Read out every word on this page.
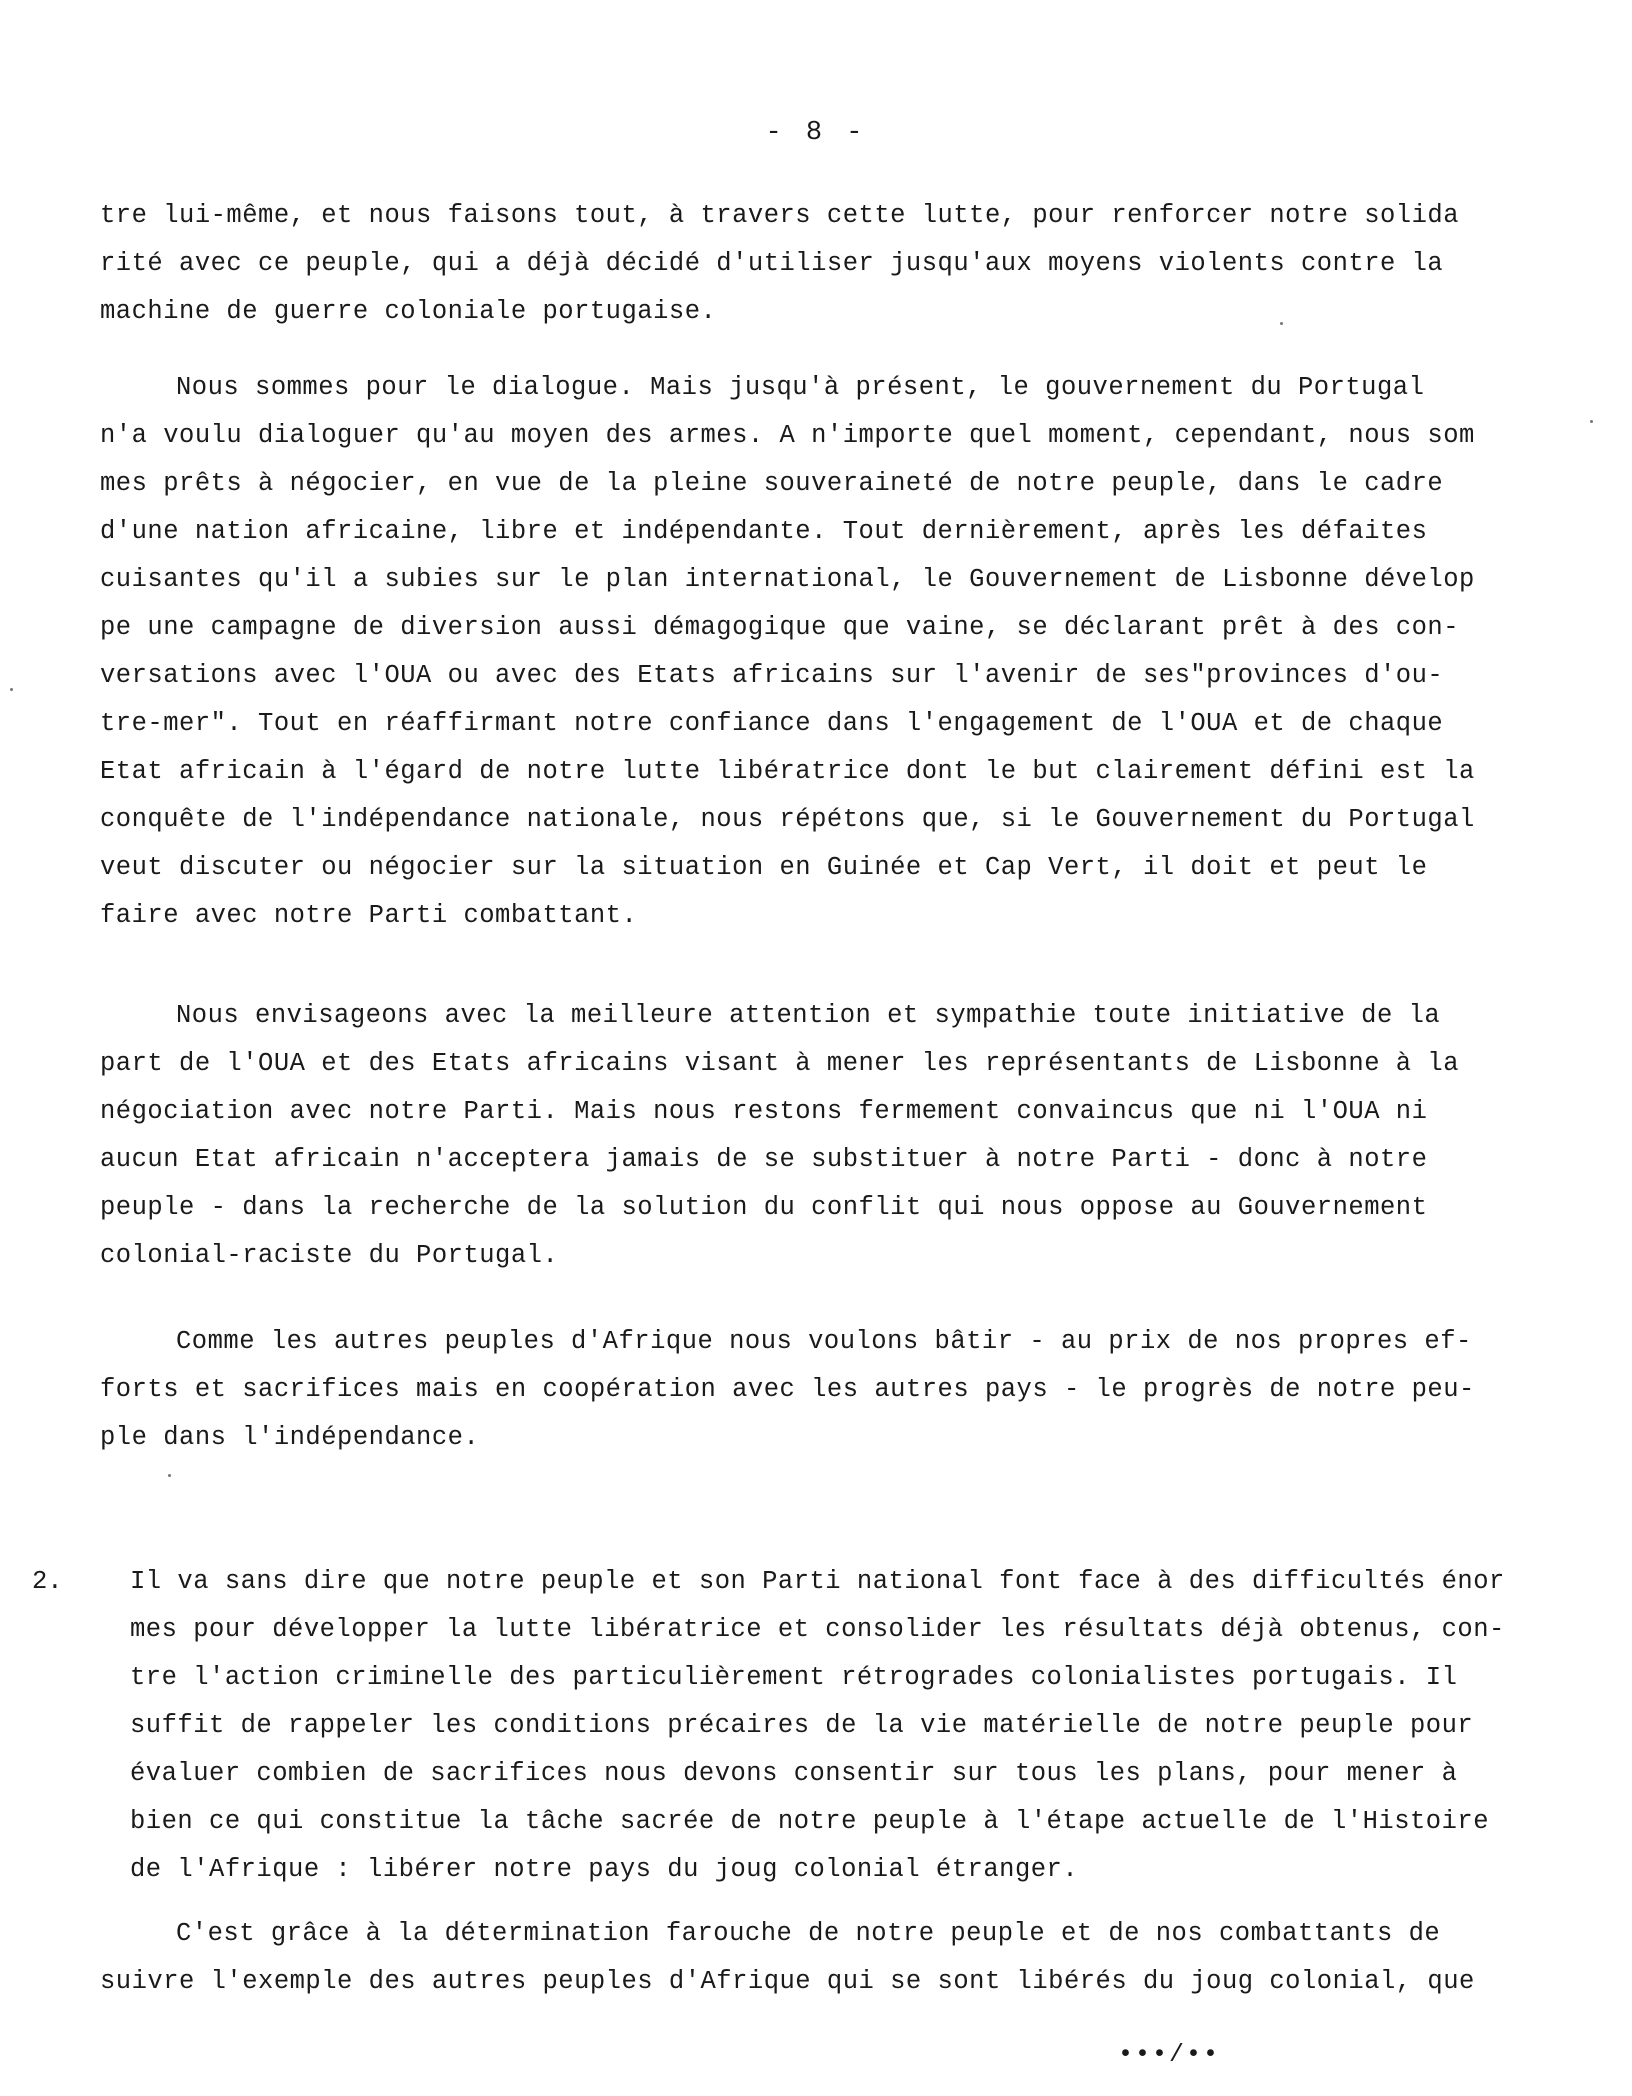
- 8 -
tre lui-même, et nous faisons tout, à travers cette lutte, pour renforcer notre solida
rité avec ce peuple, qui a déjà décidé d'utiliser jusqu'aux moyens violents contre la
machine de guerre coloniale portugaise.
Nous sommes pour le dialogue. Mais jusqu'à présent, le gouvernement du Portugal
n'a voulu dialoguer qu'au moyen des armes. A n'importe quel moment, cependant, nous som
mes prêts à négocier, en vue de la pleine souveraineté de notre peuple, dans le cadre
d'une nation africaine, libre et indépendante. Tout dernièrement, après les défaites
cuisantes qu'il a subies sur le plan international, le Gouvernement de Lisbonne dévelop
pe une campagne de diversion aussi démagogique que vaine, se déclarant prêt à des con-
versations avec l'OUA ou avec des Etats africains sur l'avenir de ses"provinces d'ou-
tre-mer". Tout en réaffirmant notre confiance dans l'engagement de l'OUA et de chaque
Etat africain à l'égard de notre lutte libératrice dont le but clairement défini est la
conquête de l'indépendance nationale, nous répétons que, si le Gouvernement du Portugal
veut discuter ou négocier sur la situation en Guinée et Cap Vert, il doit et peut le
faire avec notre Parti combattant.
Nous envisageons avec la meilleure attention et sympathie toute initiative de la
part de l'OUA et des Etats africains visant à mener les représentants de Lisbonne à la
négociation avec notre Parti. Mais nous restons fermement convaincus que ni l'OUA ni
aucun Etat africain n'acceptera jamais de se substituer à notre Parti - donc à notre
peuple - dans la recherche de la solution du conflit qui nous oppose au Gouvernement
colonial-raciste du Portugal.
Comme les autres peuples d'Afrique nous voulons bâtir - au prix de nos propres ef-
forts et sacrifices mais en coopération avec les autres pays - le progrès de notre peu-
ple dans l'indépendance.
2.	Il va sans dire que notre peuple et son Parti national font face à des difficultés énor
mes pour développer la lutte libératrice et consolider les résultats déjà obtenus, con-
tre l'action criminelle des particulièrement rétrogrades colonialistes portugais. Il
suffit de rappeler les conditions précaires de la vie matérielle de notre peuple pour
évaluer combien de sacrifices nous devons consentir sur tous les plans, pour mener à
bien ce qui constitue la tâche sacrée de notre peuple à l'étape actuelle de l'Histoire
de l'Afrique : libérer notre pays du joug colonial étranger.
C'est grâce à la détermination farouche de notre peuple et de nos combattants de
suivre l'exemple des autres peuples d'Afrique qui se sont libérés du joug colonial, que
•••/••
